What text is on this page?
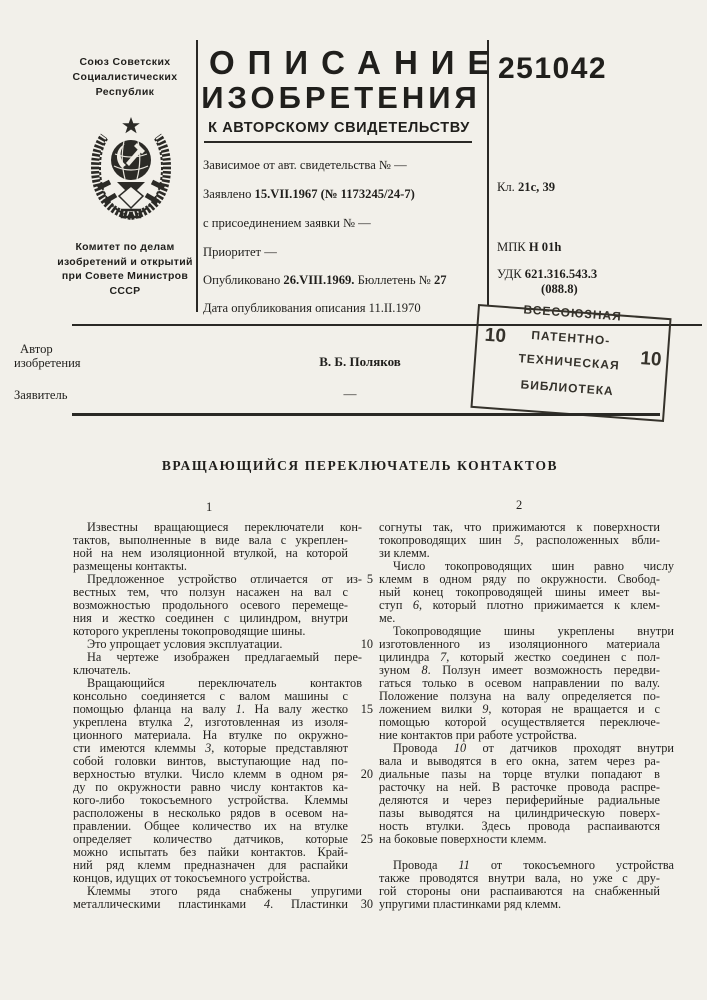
Союз Советских
Социалистических
Республик
Комитет по делам
изобретений и открытий
при Совете Министров
СССР
ОПИСАНИЕ
ИЗОБРЕТЕНИЯ
К АВТОРСКОМУ СВИДЕТЕЛЬСТВУ
251042
Зависимое от авт. свидетельства № —
Заявлено 15.VII.1967 (№ 1173245/24-7)
с присоединением заявки № —
Приоритет —
Опубликовано 26.VIII.1969. Бюллетень № 27
Дата опубликования описания 11.II.1970
Кл. 21c, 39
МПК H 01h
УДК 621.316.543.3
(088.8)
Автор
изобретения	В. Б. Поляков
Заявитель	—
ВСЕСОЮЗНАЯ
ПАТЕНТНО-
ТЕХНИЧЕСКАЯ
БИБЛИОТЕКА
10
10
ВРАЩАЮЩИЙСЯ ПЕРЕКЛЮЧАТЕЛЬ КОНТАКТОВ
1	2
Известны вращающиеся переключатели кон-
тактов, выполненные в виде вала с укреплен-
ной на нем изоляционной втулкой, на которой
размещены контакты.
Предложенное устройство отличается от из-
вестных тем, что ползун насажен на вал с
возможностью продольного осевого перемеще-
ния и жестко соединен с цилиндром, внутри
которого укреплены токопроводящие шины.
Это упрощает условия эксплуатации.
На чертеже изображен предлагаемый пере-
ключатель.
Вращающийся переключатель контактов
консольно соединяется с валом машины с
помощью фланца на валу 1. На валу жестко
укреплена втулка 2, изготовленная из изоля-
ционного материала. На втулке по окружно-
сти имеются клеммы 3, которые представляют
собой головки винтов, выступающие над по-
верхностью втулки. Число клемм в одном ря-
ду по окружности равно числу контактов ка-
кого-либо токосъемного устройства. Клеммы
расположены в несколько рядов в осевом на-
правлении. Общее количество их на втулке
определяет количество датчиков, которые
можно испытать без пайки контактов. Край-
ний ряд клемм предназначен для распайки
концов, идущих от токосъемного устройства.
Клеммы этого ряда снабжены упругими
металлическими пластинками 4. Пластинки
согнуты так, что прижимаются к поверхности
токопроводящих шин 5, расположенных вбли-
зи клемм.
Число токопроводящих шин равно числу
клемм в одном ряду по окружности. Свобод-
ный конец токопроводящей шины имеет вы-
ступ 6, который плотно прижимается к клем-
ме.
Токопроводящие шины укреплены внутри
изготовленного из изоляционного материала
цилиндра 7, который жестко соединен с пол-
зуном 8. Ползун имеет возможность передви-
гаться только в осевом направлении по валу.
Положение ползуна на валу определяется по-
ложением вилки 9, которая не вращается и с
помощью которой осуществляется переключе-
ние контактов при работе устройства.
Провода 10 от датчиков проходят внутри
вала и выводятся в его окна, затем через ра-
диальные пазы на торце втулки попадают в
расточку на ней. В расточке провода распре-
деляются и через периферийные радиальные
пазы выводятся на цилиндрическую поверх-
ность втулки. Здесь провода распаиваются
на боковые поверхности клемм.
Провода 11 от токосъемного устройства
также проводятся внутри вала, но уже с дру-
гой стороны они распаиваются на снабженный
упругими пластинками ряд клемм.
5
10
15
20
25
30
